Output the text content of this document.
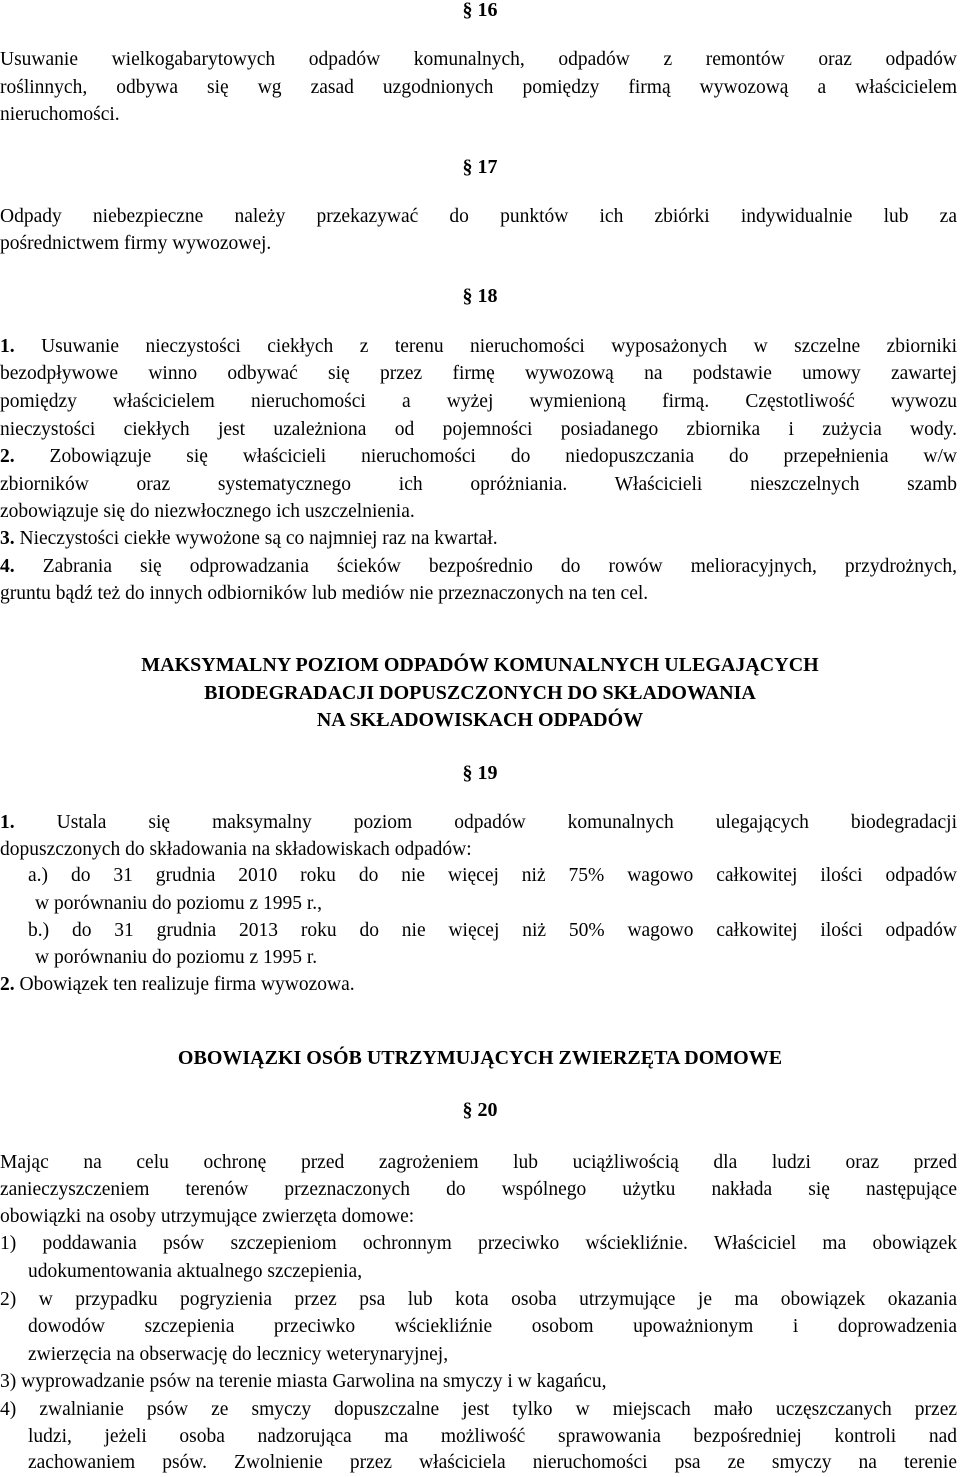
§ 16
Usuwanie wielkogabarytowych odpadów komunalnych, odpadów z remontów oraz odpadów
roślinnych, odbywa się wg zasad uzgodnionych pomiędzy firmą wywozową a właścicielem
nieruchomości.
§ 17
Odpady niebezpieczne należy przekazywać do punktów ich zbiórki indywidualnie lub za
pośrednictwem firmy wywozowej.
§ 18
1. Usuwanie nieczystości ciekłych z terenu nieruchomości wyposażonych w szczelne zbiorniki
bezodpływowe winno odbywać się przez firmę wywozową na podstawie umowy zawartej
pomiędzy właścicielem nieruchomości a wyżej wymienioną firmą. Częstotliwość wywozu
nieczystości ciekłych jest uzależniona od pojemności posiadanego zbiornika i zużycia wody.
2. Zobowiązuje się właścicieli nieruchomości do niedopuszczania do przepełnienia w/w
zbiorników oraz systematycznego ich opróżniania. Właścicieli nieszczelnych szamb
zobowiązuje się do niezwłocznego ich uszczelnienia.
3. Nieczystości ciekłe wywożone są co najmniej raz na kwartał.
4. Zabrania się odprowadzania ścieków bezpośrednio do rowów melioracyjnych, przydrożnych,
gruntu bądź też do innych odbiorników lub mediów nie przeznaczonych na ten cel.
MAKSYMALNY POZIOM ODPADÓW KOMUNALNYCH ULEGAJĄCYCH
BIODEGRADACJI DOPUSZCZONYCH DO SKŁADOWANIA
NA SKŁADOWISKACH ODPADÓW
§ 19
1. Ustala się maksymalny poziom odpadów komunalnych ulegających biodegradacji
dopuszczonych do składowania na składowiskach odpadów:
a.) do 31 grudnia 2010 roku do nie więcej niż 75% wagowo całkowitej ilości odpadów
w porównaniu do poziomu z 1995 r.,
b.) do 31 grudnia 2013 roku do nie więcej niż 50% wagowo całkowitej ilości odpadów
w porównaniu do poziomu z 1995 r.
2. Obowiązek ten realizuje firma wywozowa.
OBOWIĄZKI OSÓB UTRZYMUJĄCYCH ZWIERZĘTA DOMOWE
§ 20
Mając na celu ochronę przed zagrożeniem lub uciążliwością dla ludzi oraz przed
zanieczyszczeniem terenów przeznaczonych do wspólnego użytku nakłada się następujące
obowiązki na osoby utrzymujące zwierzęta domowe:
1) poddawania psów szczepieniom ochronnym przeciwko wściekliźnie. Właściciel ma obowiązek
udokumentowania aktualnego szczepienia,
2) w przypadku pogryzienia przez psa lub kota osoba utrzymujące je ma obowiązek okazania
dowodów szczepienia przeciwko wściekliźnie osobom upoważnionym i doprowadzenia
zwierzęcia na obserwację do lecznicy weterynaryjnej,
3) wyprowadzanie psów na terenie miasta Garwolina na smyczy i w kagańcu,
4) zwalnianie psów ze smyczy dopuszczalne jest tylko w miejscach mało uczęszczanych przez
ludzi, jeżeli osoba nadzorująca ma możliwość sprawowania bezpośredniej kontroli nad
zachowaniem psów. Zwolnienie przez właściciela nieruchomości psa ze smyczy na terenie
